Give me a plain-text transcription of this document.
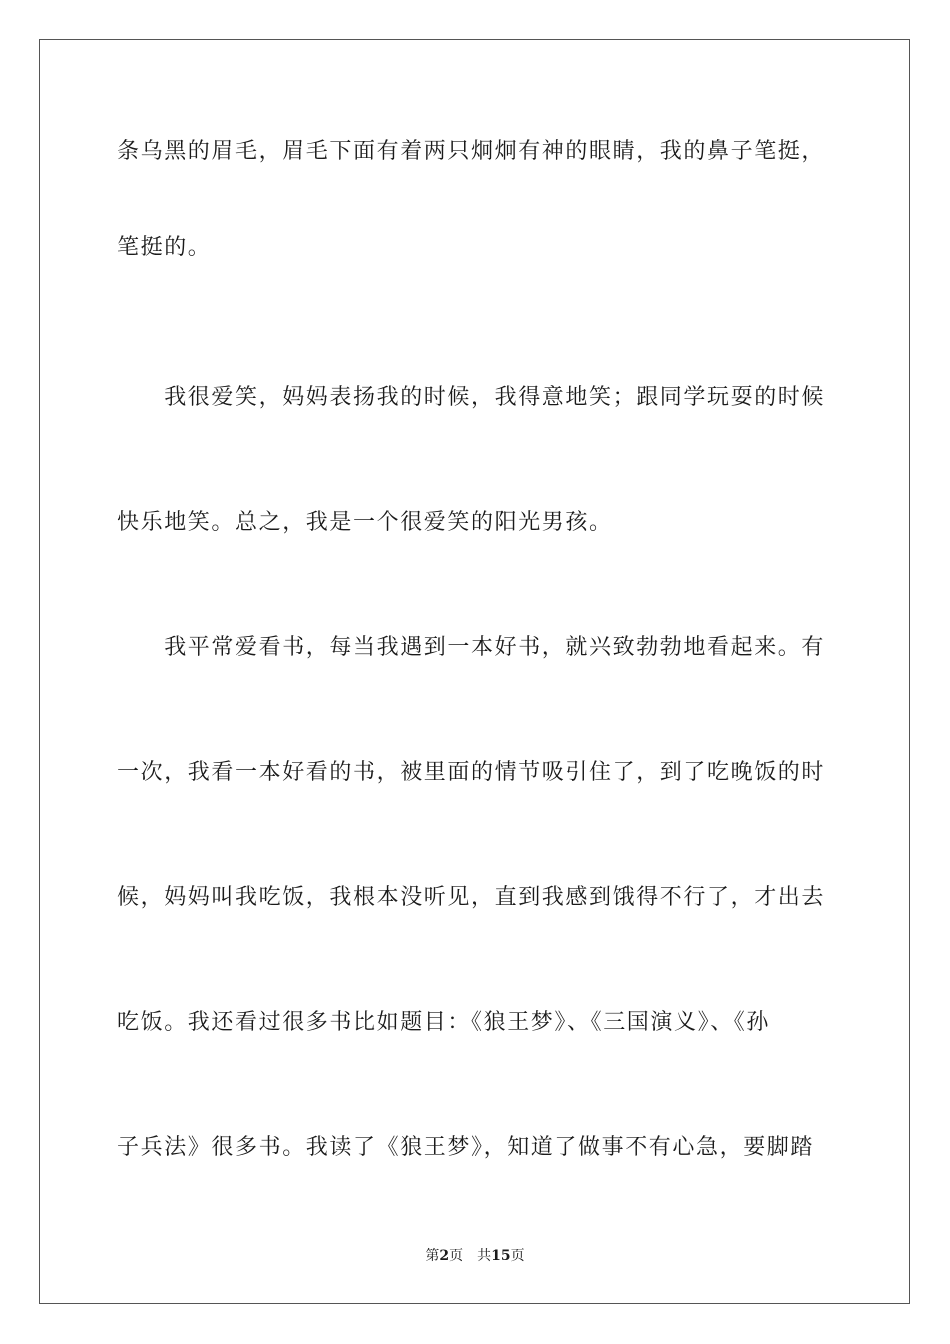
条乌黑的眉毛，眉毛下面有着两只炯炯有神的眼睛，我的鼻子笔挺，
笔挺的。
　　我很爱笑，妈妈表扬我的时候，我得意地笑；跟同学玩耍的时候
快乐地笑。总之，我是一个很爱笑的阳光男孩。
　　我平常爱看书，每当我遇到一本好书，就兴致勃勃地看起来。有
一次，我看一本好看的书，被里面的情节吸引住了，到了吃晚饭的时
候，妈妈叫我吃饭，我根本没听见，直到我感到饿得不行了，才出去
吃饭。我还看过很多书比如题目：《狼王梦》、《三国演义》、《孙
子兵法》很多书。我读了《狼王梦》，知道了做事不有心急，要脚踏
第2页 共15页
